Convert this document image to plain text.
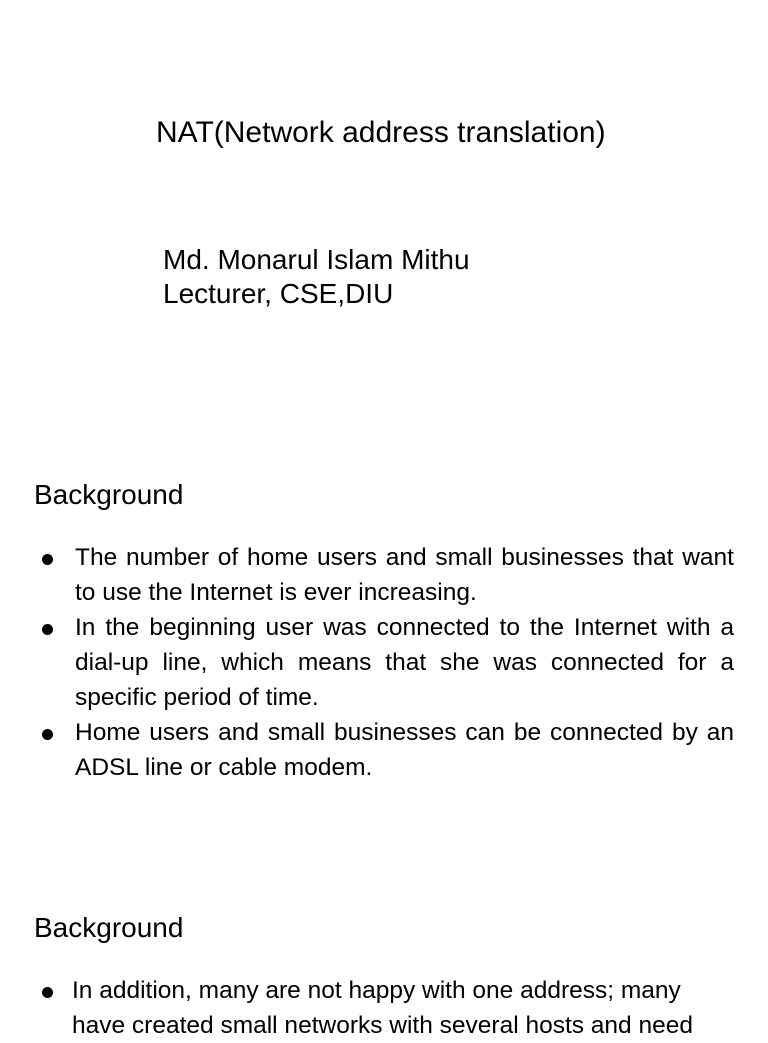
NAT(Network address translation)
Md. Monarul Islam Mithu
Lecturer, CSE,DIU
Background
The number of home users and small businesses that want to use the Internet is ever increasing.
In the beginning user was connected to the Internet with a dial-up line, which means that she was connected for a specific period of time.
Home users and small businesses can be connected by an ADSL line or cable modem.
Background
In addition, many are not happy with one address; many have created small networks with several hosts and need
